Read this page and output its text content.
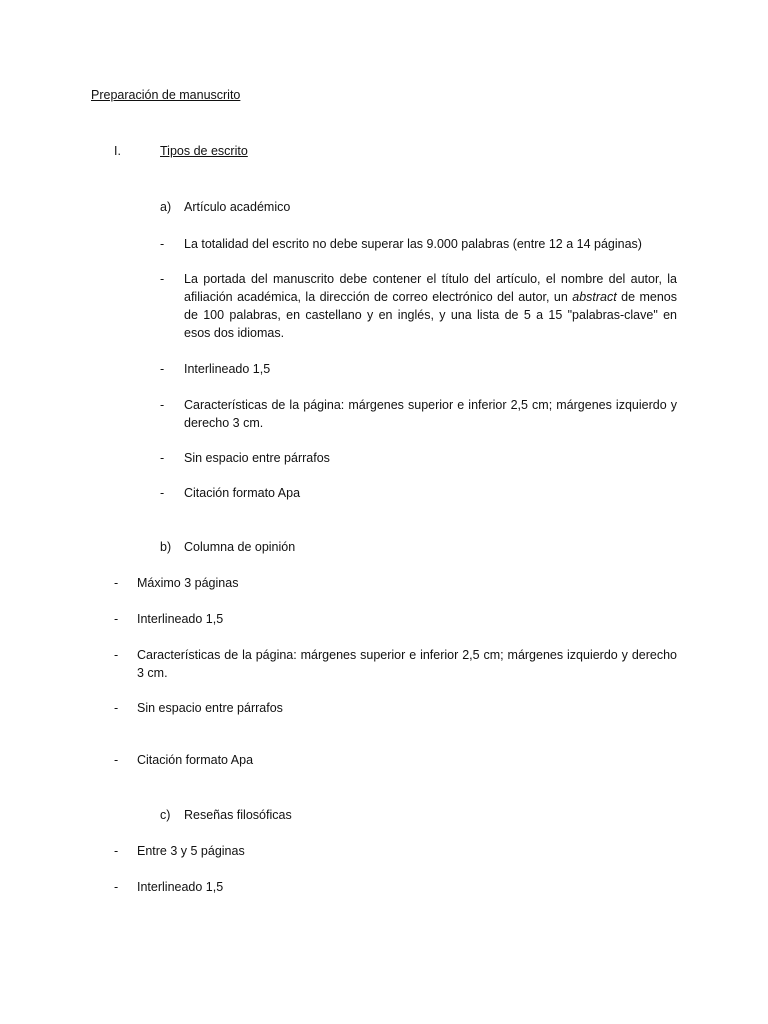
Preparación de manuscrito
I.	Tipos de escrito
a) Artículo académico
- La totalidad del escrito no debe superar las 9.000 palabras (entre 12 a 14 páginas)
- La portada del manuscrito debe contener el título del artículo, el nombre del autor, la afiliación académica, la dirección de correo electrónico del autor, un abstract de menos de 100 palabras, en castellano y en inglés, y una lista de 5 a 15 "palabras-clave" en esos dos idiomas.
- Interlineado 1,5
- Características de la página: márgenes superior e inferior 2,5 cm; márgenes izquierdo y derecho 3 cm.
- Sin espacio entre párrafos
- Citación formato Apa
b) Columna de opinión
- Máximo 3 páginas
- Interlineado 1,5
- Características de la página: márgenes superior e inferior 2,5 cm; márgenes izquierdo y derecho 3 cm.
- Sin espacio entre párrafos
- Citación formato Apa
c) Reseñas filosóficas
- Entre 3 y 5 páginas
- Interlineado 1,5
